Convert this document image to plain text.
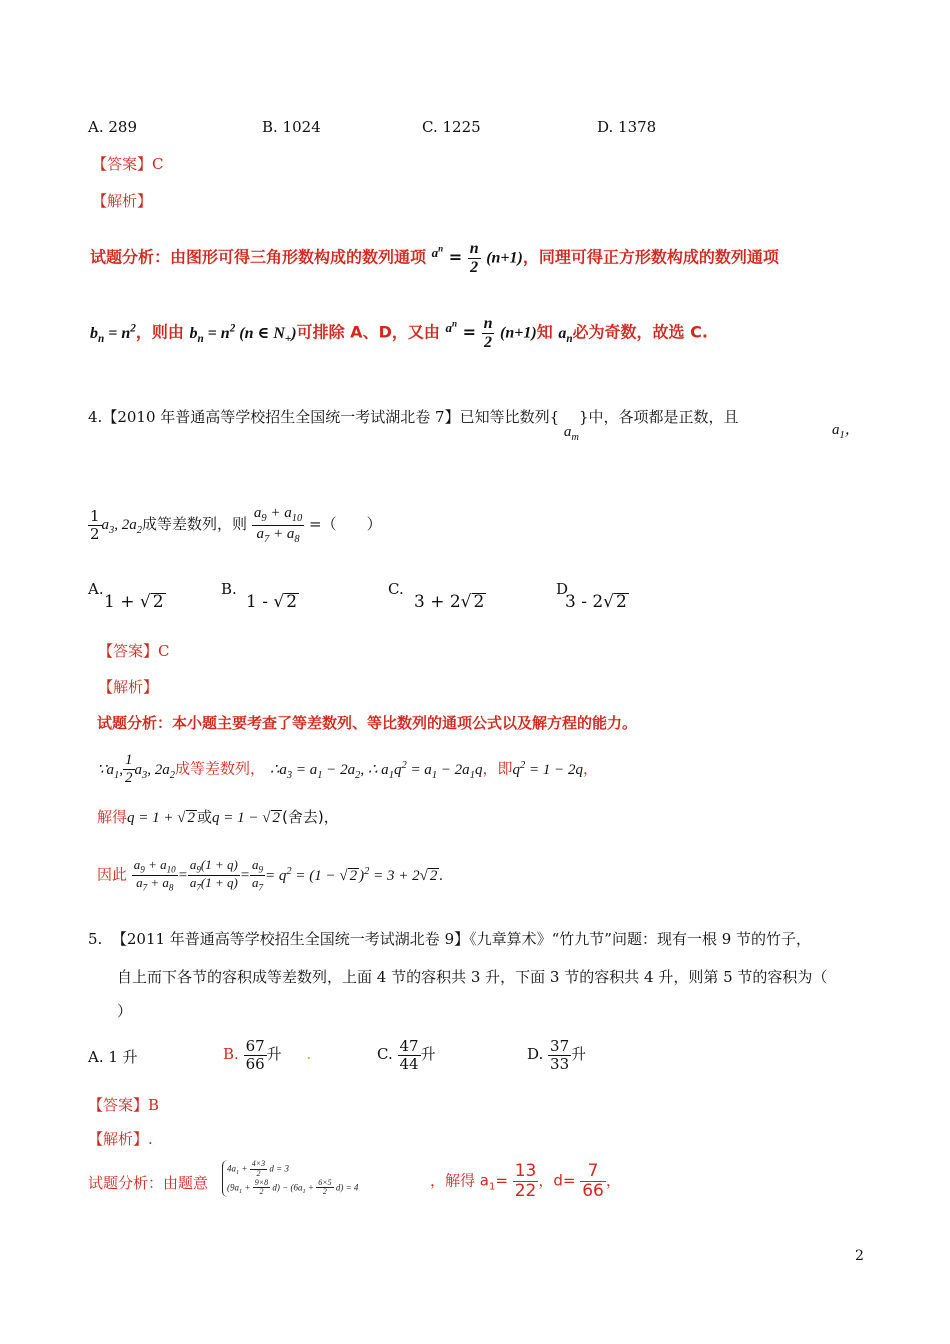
A. 289	B. 1024	C. 1225	D. 1378
【答案】C
【解析】
试题分析：由图形可得三角形数构成的数列通项 $^{a^n} = \frac{n}{2} (n+1)$，同理可得正方形数构成的数列通项
$b_n = n^2$，则由 $b_n = n^2$ (n ∈ $N_+$)可排除 A、D，又由 $^{a^n} = \frac{n}{2} (n+1)$知 $a_n$必为奇数，故选 C.
4.【2010 年普通高等学校招生全国统一考试湖北卷 7】已知等比数列{ $a_m$}中，各项都是正数，且
$a_1$，
$\frac{1}{2} a_3$, $2a_2$成等差数列，则 $\frac{a_9 + a_{10}}{a_7 + a_8}$ =（　　）
A.
1 + √ 2
B.
1 - √ 2
C.
3 + 2√ 2
D
3 - 2√ 2
【答案】C
【解析】
试题分析：本小题主要考查了等差数列、等比数列的通项公式以及解方程的能力。
$\because a_1$, $\frac{1}{2} a_3$, $2a_2$成等差数列， $\therefore a_3 = a_1 - 2a_2$, ∴ $a_1q^2 = a_1 - 2a_1q$，即$q^2 = 1 - 2q$，
解得q = 1 + √ 2 或q = 1 − √ 2 (舍去)，
因此 $\frac{a_9 + a_{10}}{a_7 + a_8} = \frac{a_9(1 + q)}{a_7(1 + q)} = \frac{a_9}{a_7} = q^2 = (1$ − √ 2 )$^2$ = 3 + 2√ 2 .
5. 【2011 年普通高等学校招生全国统一考试湖北卷 9】《九章算术》“竹九节”问题：现有一根 9 节的竹子，
自上而下各节的容积成等差数列，上面 4 节的容积共 3 升，下面 3 节的容积共 4 升，则第 5 节的容积为（
）
A. 1 升	B. $\frac{67}{66}$ 升 .	C. $\frac{47}{44}$ 升	D. $\frac{37}{33}$ 升
【答案】B
【解析】.
试题分析：由题意
$4a_1 + \frac{4\times 3}{2}$ d = 3
$(9a_1 + \frac{9\times 8}{2} d) - (6a_1 + \frac{6\times 5}{2} d) = 4$	，解得 $a_1= \frac{13}{22}$ ，$d= \frac{7}{66}$ ，
2
